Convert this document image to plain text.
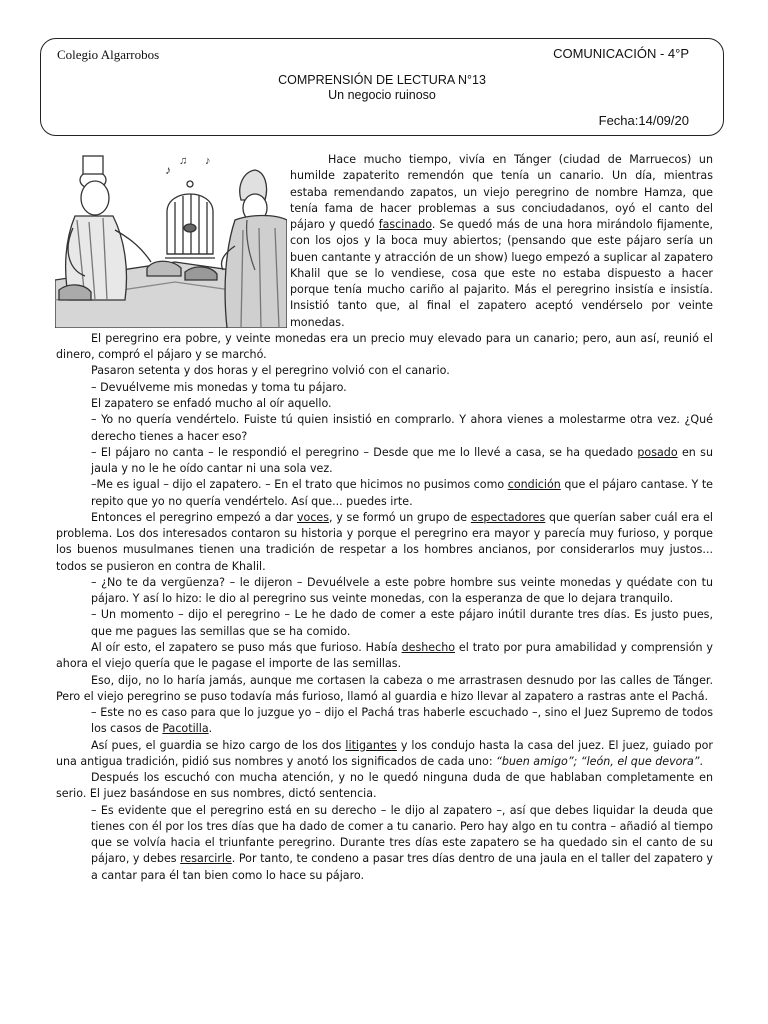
Colegio Algarrobos	COMUNICACIÓN - 4°P
COMPRENSIÓN DE LECTURA N°13
Un negocio ruinoso
Fecha:14/09/20
♪
♫ ♪	Hace mucho tiempo, vivía en Tánger (ciudad de Marruecos) un humilde zapaterito remendón que tenía un canario. Un día, mientras estaba remendando zapatos, un viejo peregrino de nombre Hamza, que tenía fama de hacer problemas a sus conciudadanos, oyó el canto del pájaro y quedó fascinado. Se quedó más de una hora mirándolo fijamente, con los ojos y la boca muy abiertos; (pensando que este pájaro sería un buen cantante y atracción de un show) luego empezó a suplicar al zapatero Khalil que se lo vendiese, cosa que este no estaba dispuesto a hacer porque tenía mucho cariño al pajarito. Más el peregrino insistía e insistía. Insistió tanto que, al final el zapatero aceptó vendérselo por veinte monedas.

El peregrino era pobre, y veinte monedas era un precio muy elevado para un canario; pero, aun así, reunió el dinero, compró el pájaro y se marchó.

Pasaron setenta y dos horas y el peregrino volvió con el canario.

– Devuélveme mis monedas y toma tu pájaro.

El zapatero se enfadó mucho al oír aquello.

– Yo no quería vendértelo. Fuiste tú quien insistió en comprarlo. Y ahora vienes a molestarme otra vez. ¿Qué derecho tienes a hacer eso?

– El pájaro no canta – le respondió el peregrino – Desde que me lo llevé a casa, se ha quedado posado en su jaula y no le he oído cantar ni una sola vez.

–Me es igual – dijo el zapatero. – En el trato que hicimos no pusimos como condición que el pájaro cantase. Y te repito que yo no quería vendértelo. Así que... puedes irte.

Entonces el peregrino empezó a dar voces, y se formó un grupo de espectadores que querían saber cuál era el problema. Los dos interesados contaron su historia y porque el peregrino era mayor y parecía muy furioso, y porque los buenos musulmanes tienen una tradición de respetar a los hombres ancianos, por considerarlos muy justos... todos se pusieron en contra de Khalil.

– ¿No te da vergüenza? – le dijeron – Devuélvele a este pobre hombre sus veinte monedas y quédate con tu pájaro. Y así lo hizo: le dio al peregrino sus veinte monedas, con la esperanza de que lo dejara tranquilo.

– Un momento – dijo el peregrino – Le he dado de comer a este pájaro inútil durante tres días. Es justo pues, que me pagues las semillas que se ha comido.

Al oír esto, el zapatero se puso más que furioso. Había deshecho el trato por pura amabilidad y comprensión y ahora el viejo quería que le pagase el importe de las semillas.

Eso, dijo, no lo haría jamás, aunque me cortasen la cabeza o me arrastrasen desnudo por las calles de Tánger. Pero el viejo peregrino se puso todavía más furioso, llamó al guardia e hizo llevar al zapatero a rastras ante el Pachá.

– Este no es caso para que lo juzgue yo – dijo el Pachá tras haberle escuchado –, sino el Juez Supremo de todos los casos de Pacotilla.

Así pues, el guardia se hizo cargo de los dos litigantes y los condujo hasta la casa del juez. El juez, guiado por una antigua tradición, pidió sus nombres y anotó los significados de cada uno: “buen amigo”; “león, el que devora”.

Después los escuchó con mucha atención, y no le quedó ninguna duda de que hablaban completamente en serio. El juez basándose en sus nombres, dictó sentencia.

– Es evidente que el peregrino está en su derecho – le dijo al zapatero –, así que debes liquidar la deuda que tienes con él por los tres días que ha dado de comer a tu canario. Pero hay algo en tu contra – añadió al tiempo que se volvía hacia el triunfante peregrino. Durante tres días este zapatero se ha quedado sin el canto de su pájaro, y debes resarcirle. Por tanto, te condeno a pasar tres días dentro de una jaula en el taller del zapatero y a cantar para él tan bien como lo hace su pájaro.
